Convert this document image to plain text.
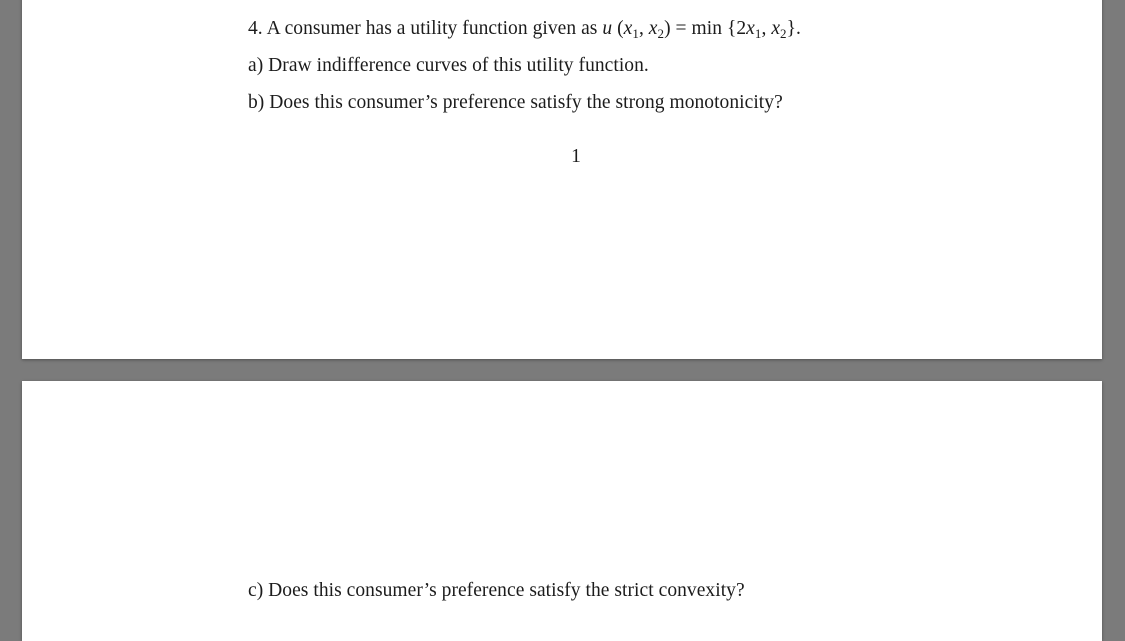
4. A consumer has a utility function given as u ($x_1$, $x_2) = \min \{2x_1$, $x_2$}.
a) Draw indifference curves of this utility function.
b) Does this consumer’s preference satisfy the strong monotonicity?
1
c) Does this consumer’s preference satisfy the strict convexity?
